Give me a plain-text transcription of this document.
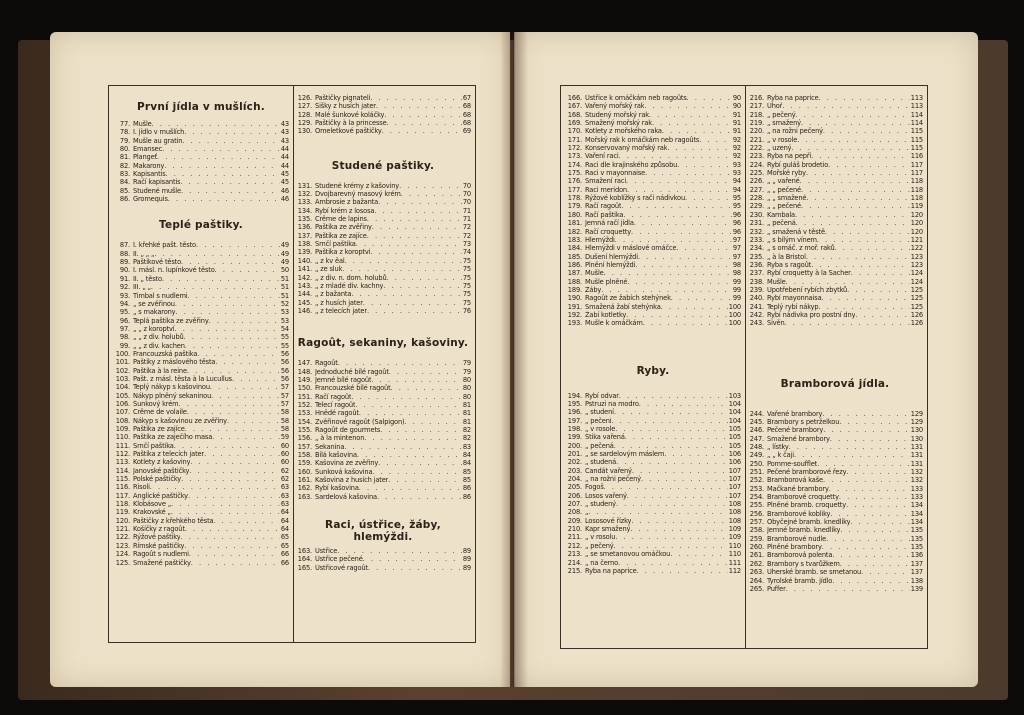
První jídla v mušlích.
77. Mušle . . .	43
78. I. jídlo v mušlích . . .	43
79. Mušle au gratin . . .	43
80. Emansec . . .	44
81. Plangeť . . .	44
82. Makarony . . .	44
83. Kapisantis . . .	45
84. Račí kapisantis . . .	45
85. Studené mušle . . .	46
86. Gromequis . . .	46
Teplé paštiky.
87. I. křehké pašt. těsto . . .	49
88. II. „ „ „ . . .	49
89. Paštikové těsto . . .	49
90. I. másl. n. lupínkové těsto . . .	50
91. II. „ těsto . . .	51
92. III. „ „ . . .	51
93. Timbal s nudlemi . . .	51
94. „ se zvěřinou . . .	52
95. „ s makarony . . .	53
96. Teplá paštika ze zvěřiny . . .	53
97. „ „ z koroptví . . .	54
98. „ „ z div. holubů . . .	55
99. „ „ z div. kachen . . .	55
100. Francouzská paštika . . .	56
101. Paštiky z máslového těsta . . .	56
102. Paštika à la reine . . .	56
103. Pašt. z másl. těsta à la Lucullus . . .	56
104. Teplý nákyp s kašovinou . . .	57
105. Nákyp plněný sekaninou . . .	57
106. Šunkový krém . . .	57
107. Crême de volaile . . .	58
108. Nákyp s kašovinou ze zvěřiny . . .	58
109. Paštika ze zajíce . . .	58
110. Paštika ze zaječího masa . . .	59
111. Srnčí paštika . . .	60
112. Paštika z telecích jater . . .	60
113. Kotlety z kašoviny . . .	60
114. Janovské paštičky . . .	62
115. Polské paštičky . . .	62
116. Risoli . . .	63
117. Anglické paštičky . . .	63
118. Klobásove „ . . .	63
119. Krakovské „ . . .	64
120. Paštičky z křehkého těsta . . .	64
121. Košíčky z ragoût . . .	64
122. Rýžové paštiky . . .	65
123. Římské paštičky . . .	65
124. Ragoût s nudlemi . . .	66
125. Smažené paštičky . . .	66
126. Paštičky pignateli . . .	67
127. Šišky z husích jater . . .	68
128. Malé šunkové koláčky . . .	68
129. Paštičky à la princesse . . .	68
130. Omeletkové paštičky . . .	69
Studené paštiky.
131. Studené krémy z kašoviny . . .	70
132. Dvojbarevný masový krém . . .	70
133. Ambrosie z bažanta . . .	70
134. Rybí krém z lososa . . .	71
135. Crême de lapins . . .	71
136. Paštika ze zvěřiny . . .	72
137. Paštika ze zajíce . . .	72
138. Srnčí paštika . . .	73
139. Paštika z koroptví . . .	74
140. „ z kv ěal . . .	75
141. „ ze sluk . . .	75
142. „ z div. n. dom. holubů . . .	75
143. „ z mladé div. kachny . . .	75
144. „ z bažanta . . .	75
145. „ z husích jater . . .	75
146. „ z telecích jater . . .	76
Ragoût, sekaniny, kašoviny.
147. Ragoût . . .	79
148. Jednoduché bílé ragoût . . .	79
149. Jemné bílé ragoût . . .	80
150. Francouzské bílé ragoût . . .	80
151. Račí ragoût . . .	80
152. Telecí ragoût . . .	81
153. Hnědé ragoût . . .	81
154. Zvěřinové ragoût (Salpigon) . . .	81
155. Ragoût de gourmets . . .	82
156. „ à la mintenon . . .	82
157. Sekanina . . .	83
158. Bílá kašovina . . .	84
159. Kašovina ze zvěřiny . . .	84
160. Šunková kašovina . . .	85
161. Kašovina z husích jater . . .	85
162. Rybí kašovina . . .	86
163. Sardelová kašovina . . .	86
Raci, ústřice, žáby, hlemýždi.
163. Ústřice . . .	89
164. Ústřice pečené . . .	89
165. Ústřicové ragoût . . .	89
166. Ústřice k omáčkám neb ragoûts . . .	90
167. Vařený mořský rak . . .	90
168. Studený mořský rak . . .	91
169. Smažený mořský rak . . .	91
170. Kotlety z mořského raka . . .	91
171. Mořský rak k omáčkám neb ragoûts . . .	92
172. Konservovaný mořský rak . . .	92
173. Vaření raci . . .	92
174. Raci dle krajinského způsobu . . .	93
175. Raci v mayonnaise . . .	93
176. Smažení raci . . .	94
177. Raci meridon . . .	94
178. Rýžové koblížky s račí nádivkou . . .	95
179. Račí ragoût . . .	95
180. Račí paštika . . .	96
181. Jemná račí jídla . . .	96
182. Račí croquetty . . .	96
183. Hlemýždi . . .	97
184. Hlemýždi v máslové omáčce . . .	97
185. Dušení hlemýždi . . .	97
186. Plnění hlemýždi . . .	98
187. Mušle . . .	98
188. Mušle plněné . . .	99
189. Žáby . . .	99
190. Ragoût ze žabích stehýnek . . .	99
191. Smažená žabí stehýnka . . .	100
192. Žabí kotletky . . .	100
193. Mušle k omáčkám . . .	100
Ryby.
194. Rybí odvar . . .	103
195. Pstruzi na modro . . .	104
196. „ studení . . .	104
197. „ pečení . . .	104
198. „ v rosole . . .	105
199. Štika vařená . . .	105
200. „ pečená . . .	105
201. „ se sardelovým máslem . . .	106
202. „ studená . . .	106
203. Candát vařený . . .	107
204. „ na rožni pečený . . .	107
205. Fogoš . . .	107
206. Losos vařený . . .	107
207. „ studený . . .	108
208. „ . . .	108
209. Lososové řízky . . .	108
210. Kapr smažený . . .	109
211. „ v rosolu . . .	109
212. „ pečený . . .	110
213. „ se smetanovou omáčkou . . .	110
214. „ na černo . . .	111
215. Ryba na paprice . . .	112
216. Ryba na paprice . . .	113
217. Úhoř . . .	113
218. „ pečený . . .	114
219. „ smažený . . .	114
220. „ na rožni pečený . . .	115
221. „ v rosole . . .	115
222. „ uzený . . .	115
223. Ryba na pepři . . .	116
224. Rybí guláš brodetio . . .	117
225. Mořské ryby . . .	117
226. „ „ vařené . . .	118
227. „ „ pečené . . .	118
228. „ „ smažené . . .	118
229. „ „ pečené . . .	119
230. Kambala . . .	120
231. „ pečená . . .	120
232. „ smažená v těstě . . .	120
233. „ s bílým vínem . . .	121
234. „ s omáč. z moř. raků . . .	122
235. „ à la Bristol . . .	123
236. Ryba s ragoût . . .	123
237. Rybí croquetty à la Sacher . . .	124
238. Mušle . . .	124
239. Upotřebení rybích zbytků . . .	125
240. Rybí mayonnaisa . . .	125
241. Teplý rybí nákyp . . .	125
242. Rybí nádivka pro postní dny . . .	126
243. Sivěn . . .	126
Bramborová jídla.
244. Vařené brambory . . .	129
245. Brambory s petrželkou . . .	129
246. Pečené brambory . . .	130
247. Smažené brambory . . .	130
248. „ lístky . . .	131
249. „ „ k čaji . . .	131
250. Pomme-soufflet . . .	131
251. Pečené bramborové řezy . . .	132
252. Bramborová kaše . . .	132
253. Mačkané brambory . . .	133
254. Bramborové croquetty . . .	133
255. Plněné bramb. croquetty . . .	134
256. Bramborové kobliky . . .	134
257. Obyčejné bramb. knedlíky . . .	134
258. Jemné bramb. knedlíky . . .	135
259. Bramborové nudle . . .	135
260. Plněné brambory . . .	135
261. Bramborová polenta . . .	136
262. Brambory s tvarůžkem . . .	137
263. Uherské bramb. se smetanou . . .	137
264. Tyrolské bramb. jídlo . . .	138
265. Puffer . . .	139
